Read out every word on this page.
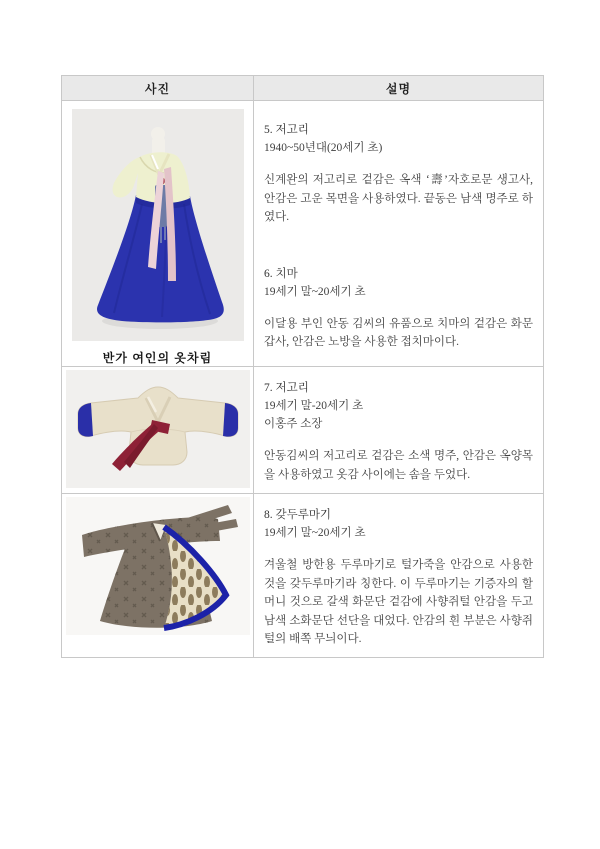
사진	설명

반가 여인의 옷차림

5. 저고리
1940~50년대(20세기 초)

신계완의 저고리로 겉감은 옥색 ‘壽’자호로문 생고사, 안감은 고운 목면을 사용하였다. 끝동은 남색 명주로 하였다.

6. 치마
19세기 말~20세기 초

이달용 부인 안동 김씨의 유품으로 치마의 겉감은 화문 갑사, 안감은 노방을 사용한 접치마이다.

7. 저고리
19세기 말-20세기 초
이홍주 소장

안동김씨의 저고리로 겉감은 소색 명주, 안감은 옥양목을 사용하였고 옷감 사이에는 솜을 두었다.

8. 갖두루마기
19세기 말~20세기 초

겨울철 방한용 두루마기로 털가죽을 안감으로 사용한 것을 갖두루마기라 칭한다. 이 두루마기는 기증자의 할머니 것으로 갈색 화문단 겉감에 사향쥐털 안감을 두고 남색 소화문단 선단을 대었다. 안감의 흰 부분은 사향쥐털의 배쪽 무늬이다.
